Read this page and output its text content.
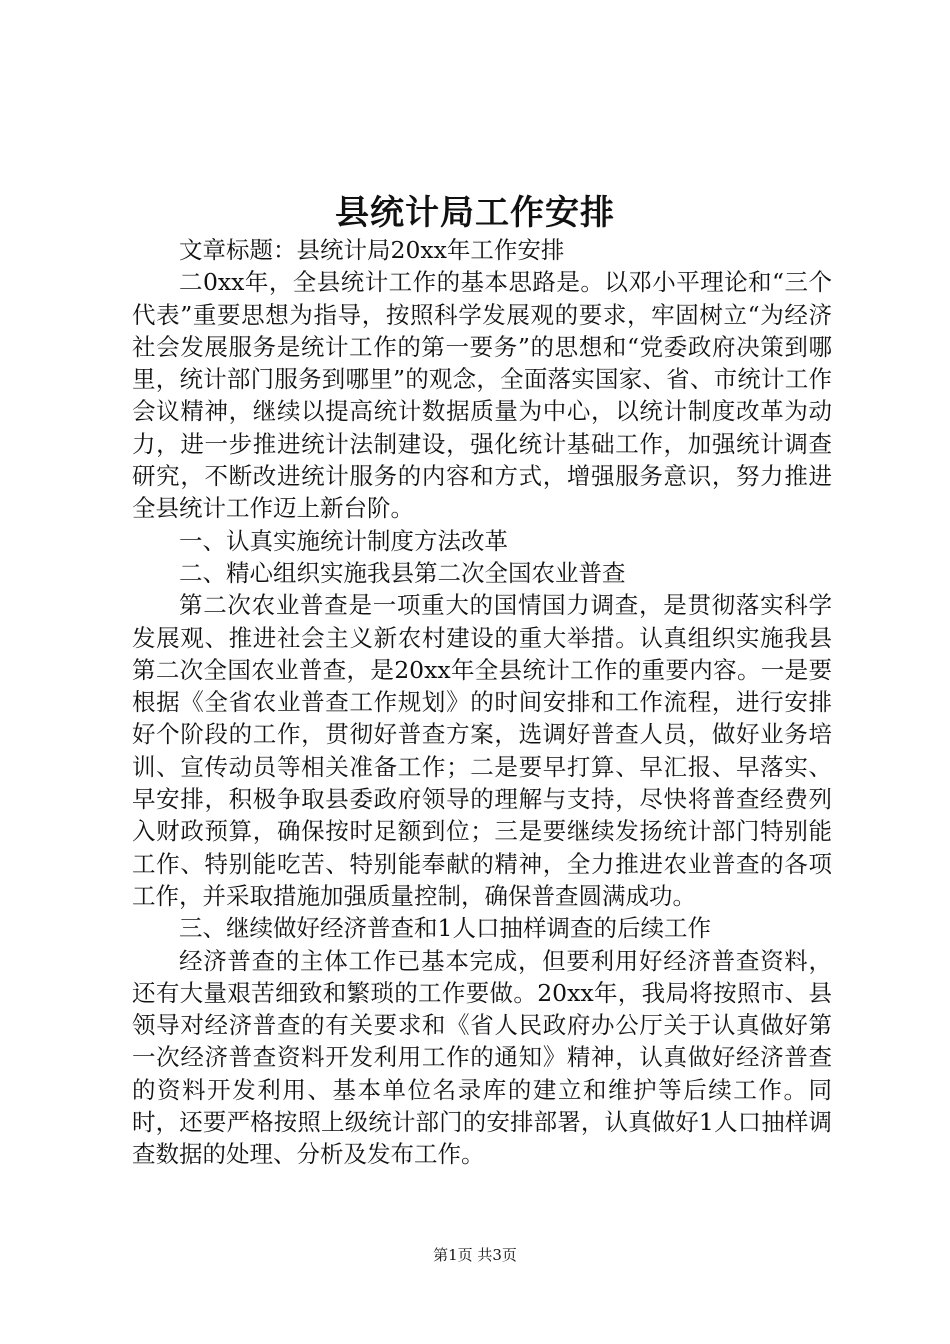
县统计局工作安排

文章标题：县统计局20xx年工作安排

二0xx年，全县统计工作的基本思路是。以邓小平理论和“三个代表”重要思想为指导，按照科学发展观的要求，牢固树立“为经济社会发展服务是统计工作的第一要务”的思想和“党委政府决策到哪里，统计部门服务到哪里”的观念，全面落实国家、省、市统计工作会议精神，继续以提高统计数据质量为中心，以统计制度改革为动力，进一步推进统计法制建设，强化统计基础工作，加强统计调查研究，不断改进统计服务的内容和方式，增强服务意识，努力推进全县统计工作迈上新台阶。

一、认真实施统计制度方法改革

二、精心组织实施我县第二次全国农业普查

第二次农业普查是一项重大的国情国力调查，是贯彻落实科学发展观、推进社会主义新农村建设的重大举措。认真组织实施我县第二次全国农业普查，是20xx年全县统计工作的重要内容。一是要根据《全省农业普查工作规划》的时间安排和工作流程，进行安排好个阶段的工作，贯彻好普查方案，选调好普查人员，做好业务培训、宣传动员等相关准备工作；二是要早打算、早汇报、早落实、早安排，积极争取县委政府领导的理解与支持，尽快将普查经费列入财政预算，确保按时足额到位；三是要继续发扬统计部门特别能工作、特别能吃苦、特别能奉献的精神，全力推进农业普查的各项工作，并采取措施加强质量控制，确保普查圆满成功。

三、继续做好经济普查和1人口抽样调查的后续工作

经济普查的主体工作已基本完成，但要利用好经济普查资料，还有大量艰苦细致和繁琐的工作要做。20xx年，我局将按照市、县领导对经济普查的有关要求和《省人民政府办公厅关于认真做好第一次经济普查资料开发利用工作的通知》精神，认真做好经济普查的资料开发利用、基本单位名录库的建立和维护等后续工作。同时，还要严格按照上级统计部门的安排部署，认真做好1人口抽样调查数据的处理、分析及发布工作。

第1页 共3页
